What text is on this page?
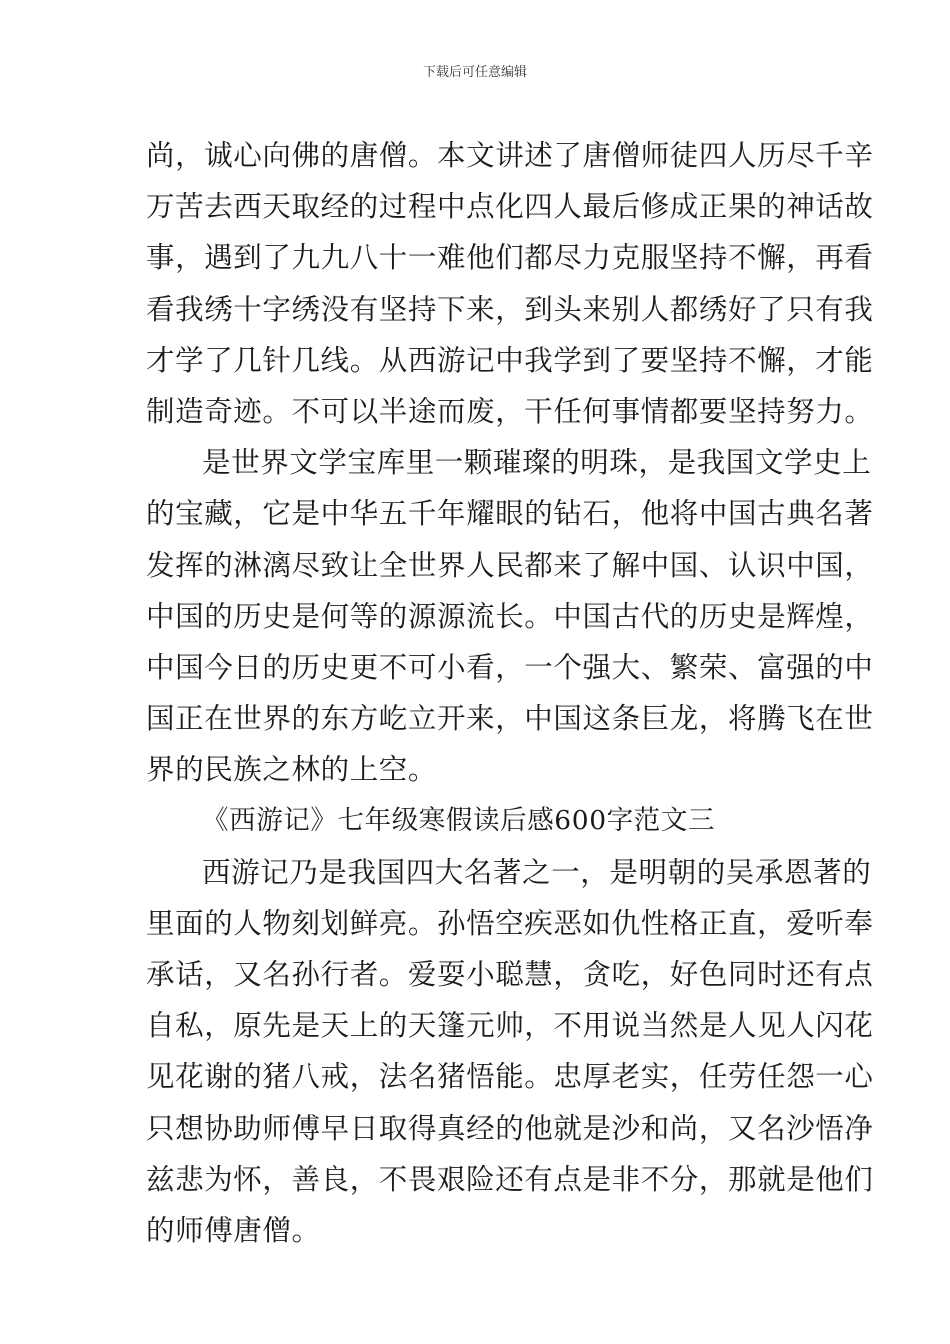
下载后可任意编辑
尚，诚心向佛的唐僧。本文讲述了唐僧师徒四人历尽千辛
万苦去西天取经的过程中点化四人最后修成正果的神话故
事，遇到了九九八十一难他们都尽力克服坚持不懈，再看
看我绣十字绣没有坚持下来，到头来别人都绣好了只有我
才学了几针几线。从西游记中我学到了要坚持不懈，才能
制造奇迹。不可以半途而废，干任何事情都要坚持努力。
是世界文学宝库里一颗璀璨的明珠，是我国文学史上
的宝藏，它是中华五千年耀眼的钻石，他将中国古典名著
发挥的淋漓尽致让全世界人民都来了解中国、认识中国，
中国的历史是何等的源源流长。中国古代的历史是辉煌，
中国今日的历史更不可小看，一个强大、繁荣、富强的中
国正在世界的东方屹立开来，中国这条巨龙，将腾飞在世
界的民族之林的上空。
《西游记》七年级寒假读后感600字范文三
西游记乃是我国四大名著之一，是明朝的吴承恩著的
里面的人物刻划鲜亮。孙悟空疾恶如仇性格正直，爱听奉
承话，又名孙行者。爱耍小聪慧，贪吃，好色同时还有点
自私，原先是天上的天篷元帅，不用说当然是人见人闪花
见花谢的猪八戒，法名猪悟能。忠厚老实，任劳任怨一心
只想协助师傅早日取得真经的他就是沙和尚，又名沙悟净
兹悲为怀，善良，不畏艰险还有点是非不分，那就是他们
的师傅唐僧。
